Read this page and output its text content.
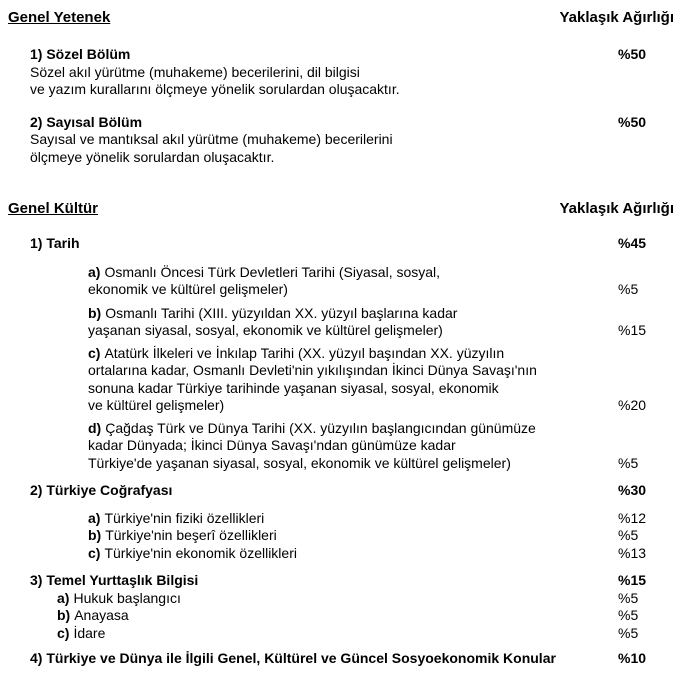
Genel Yetenek	Yaklaşık Ağırlığı
1) Sözel Bölüm	%50
Sözel akıl yürütme (muhakeme) becerilerini, dil bilgisi
ve yazım kurallarını ölçmeye yönelik sorulardan oluşacaktır.
2) Sayısal Bölüm	%50
Sayısal ve mantıksal akıl yürütme (muhakeme) becerilerini
ölçmeye yönelik sorulardan oluşacaktır.
Genel Kültür	Yaklaşık Ağırlığı
1) Tarih	%45
a) Osmanlı Öncesi Türk Devletleri Tarihi (Siyasal, sosyal,
ekonomik ve kültürel gelişmeler)	%5
b) Osmanlı Tarihi (XIII. yüzyıldan XX. yüzyıl başlarına kadar
yaşanan siyasal, sosyal, ekonomik ve kültürel gelişmeler)	%15
c) Atatürk İlkeleri ve İnkılap Tarihi (XX. yüzyıl başından XX. yüzyılın
ortalarına kadar, Osmanlı Devleti'nin yıkılışından İkinci Dünya Savaşı'nın
sonuna kadar Türkiye tarihinde yaşanan siyasal, sosyal, ekonomik
ve kültürel gelişmeler)	%20
d) Çağdaş Türk ve Dünya Tarihi (XX. yüzyılın başlangıcından günümüze
kadar Dünyada; İkinci Dünya Savaşı'ndan günümüze kadar
Türkiye'de yaşanan siyasal, sosyal, ekonomik ve kültürel gelişmeler)	%5
2) Türkiye Coğrafyası	%30
a) Türkiye'nin fiziki özellikleri	%12
b) Türkiye'nin beşerî özellikleri	%5
c) Türkiye'nin ekonomik özellikleri	%13
3) Temel Yurttaşlık Bilgisi	%15
a) Hukuk başlangıcı	%5
b) Anayasa	%5
c) İdare	%5
4) Türkiye ve Dünya ile İlgili Genel, Kültürel ve Güncel Sosyoekonomik Konular	%10
